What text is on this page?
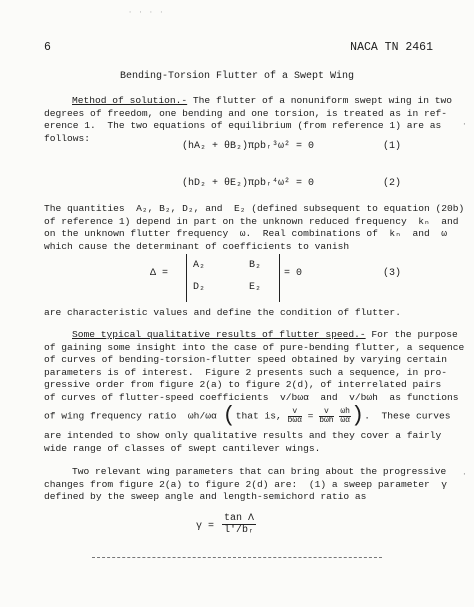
· · · ·
6	NACA TN 2461
Bending-Torsion Flutter of a Swept Wing
Method of solution.- The flutter of a nonuniform swept wing in two
degrees of freedom, one bending and one torsion, is treated as in ref-
erence 1.  The two equations of equilibrium (from reference 1) are as
follows:
(hA₂ + θB₂)πρbᵣ³ω² = 0	(1)
(hD₂ + θE₂)πρbᵣ⁴ω² = 0	(2)
The quantities  A₂, B₂, D₂, and  E₂ (defined subsequent to equation (20b)
of reference 1) depend in part on the unknown reduced frequency  kₙ  and
on the unknown flutter frequency  ω.  Real combinations of  kₙ  and  ω
which cause the determinant of coefficients to vanish
Δ =
A₂	B₂
D₂	E₂
= 0	(3)
are characteristic values and define the condition of flutter.
Some typical qualitative results of flutter speed.- For the purpose
of gaining some insight into the case of pure-bending flutter, a sequence
of curves of bending-torsion-flutter speed obtained by varying certain
parameters is of interest.  Figure 2 presents such a sequence, in pro-
gressive order from figure 2(a) to figure 2(d), of interrelated pairs
of curves of flutter-speed coefficients  v/bωα  and  v/bωh  as functions
of wing frequency ratio  ωh/ωα (that is, $\frac{v}{\text{bωα}} = \frac{v}{\text{bωh}}$
$\frac{\omega h}{\omega\alpha}$ ).  These curves
are intended to show only qualitative results and they cover a fairly
wide range of classes of swept cantilever wings.
Two relevant wing parameters that can bring about the progressive
changes from figure 2(a) to figure 2(d) are:  (1) a sweep parameter  γ
defined by the sweep angle and length-semichord ratio as
γ =
tan Λ
l'/bᵣ
·
·
